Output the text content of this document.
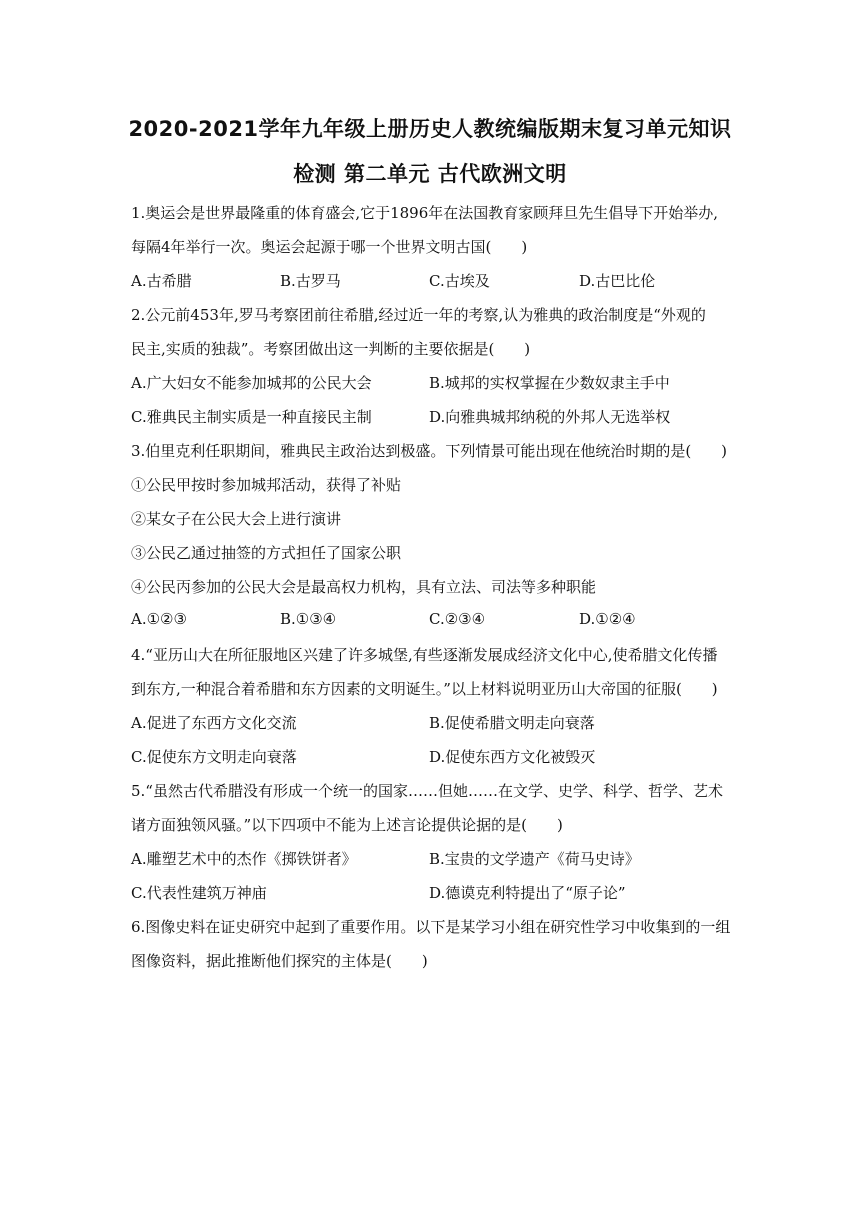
2020-2021学年九年级上册历史人教统编版期末复习单元知识
检测 第二单元 古代欧洲文明
1.奥运会是世界最隆重的体育盛会,它于1896年在法国教育家顾拜旦先生倡导下开始举办,
每隔4年举行一次。奥运会起源于哪一个世界文明古国(　　)
A.古希腊	B.古罗马	C.古埃及	D.古巴比伦
2.公元前453年,罗马考察团前往希腊,经过近一年的考察,认为雅典的政治制度是“外观的
民主,实质的独裁”。考察团做出这一判断的主要依据是(　　)
A.广大妇女不能参加城邦的公民大会	B.城邦的实权掌握在少数奴隶主手中
C.雅典民主制实质是一种直接民主制	D.向雅典城邦纳税的外邦人无选举权
3.伯里克利任职期间，雅典民主政治达到极盛。下列情景可能出现在他统治时期的是(　　)
①公民甲按时参加城邦活动，获得了补贴
②某女子在公民大会上进行演讲
③公民乙通过抽签的方式担任了国家公职
④公民丙参加的公民大会是最高权力机构，具有立法、司法等多种职能
A.①②③	B.①③④	C.②③④	D.①②④
4.“亚历山大在所征服地区兴建了许多城堡,有些逐渐发展成经济文化中心,使希腊文化传播
到东方,一种混合着希腊和东方因素的文明诞生。”以上材料说明亚历山大帝国的征服(　　)
A.促进了东西方文化交流	B.促使希腊文明走向衰落
C.促使东方文明走向衰落	D.促使东西方文化被毁灭
5.“虽然古代希腊没有形成一个统一的国家……但她……在文学、史学、科学、哲学、艺术
诸方面独领风骚。”以下四项中不能为上述言论提供论据的是(　　)
A.雕塑艺术中的杰作《掷铁饼者》	B.宝贵的文学遗产《荷马史诗》
C.代表性建筑万神庙	D.德谟克利特提出了“原子论”
6.图像史料在证史研究中起到了重要作用。以下是某学习小组在研究性学习中收集到的一组
图像资料，据此推断他们探究的主体是(　　)
